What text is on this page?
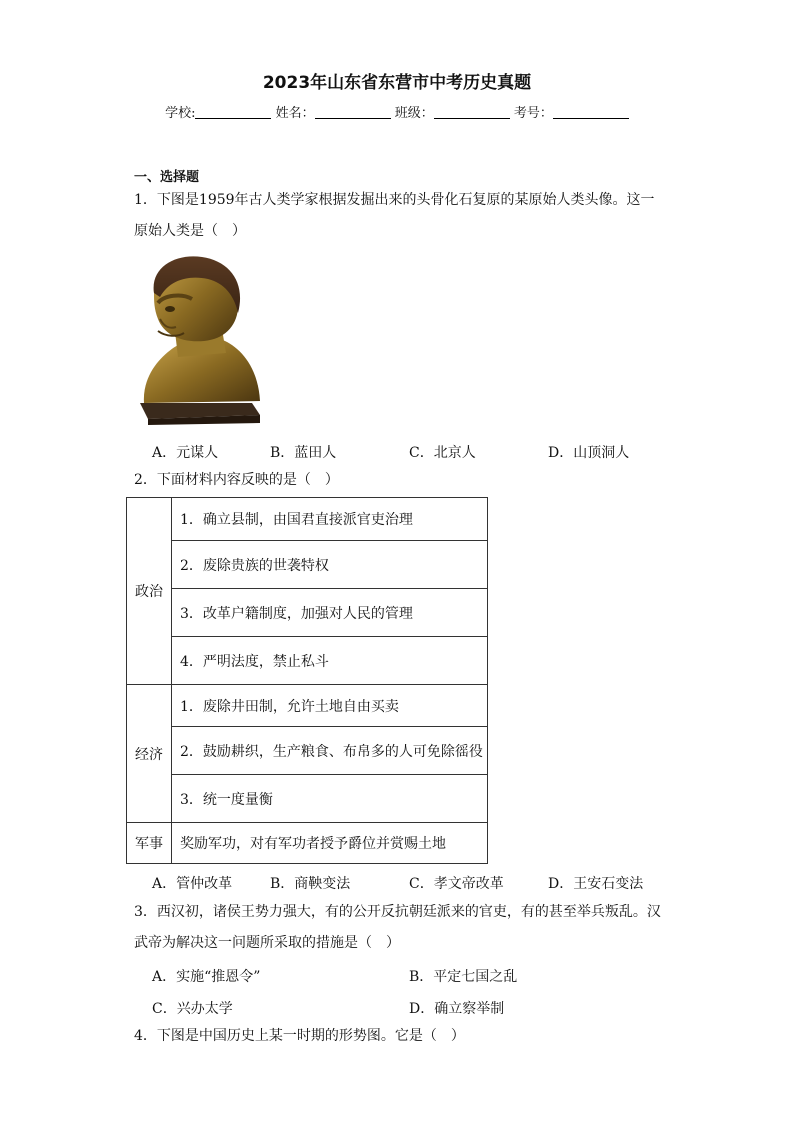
2023年山东省东营市中考历史真题
学校:	姓名：	班级：	考号：
一、选择题
1．下图是1959年古人类学家根据发掘出来的头骨化石复原的某原始人类头像。这一原始人类是（　）
A．元谋人	B．蓝田人	C．北京人	D．山顶洞人
2．下面材料内容反映的是（　）
政治	1．确立县制，由国君直接派官吏治理
	2．废除贵族的世袭特权
	3．改革户籍制度，加强对人民的管理
	4．严明法度，禁止私斗
经济	1．废除井田制，允许土地自由买卖
	2．鼓励耕织，生产粮食、布帛多的人可免除徭役
	3．统一度量衡
军事	奖励军功，对有军功者授予爵位并赏赐土地
A．管仲改革	B．商鞅变法	C．孝文帝改革	D．王安石变法
3．西汉初，诸侯王势力强大，有的公开反抗朝廷派来的官吏，有的甚至举兵叛乱。汉武帝为解决这一问题所采取的措施是（　）
A．实施“推恩令”	B．平定七国之乱
C．兴办太学	D．确立察举制
4．下图是中国历史上某一时期的形势图。它是（　）
